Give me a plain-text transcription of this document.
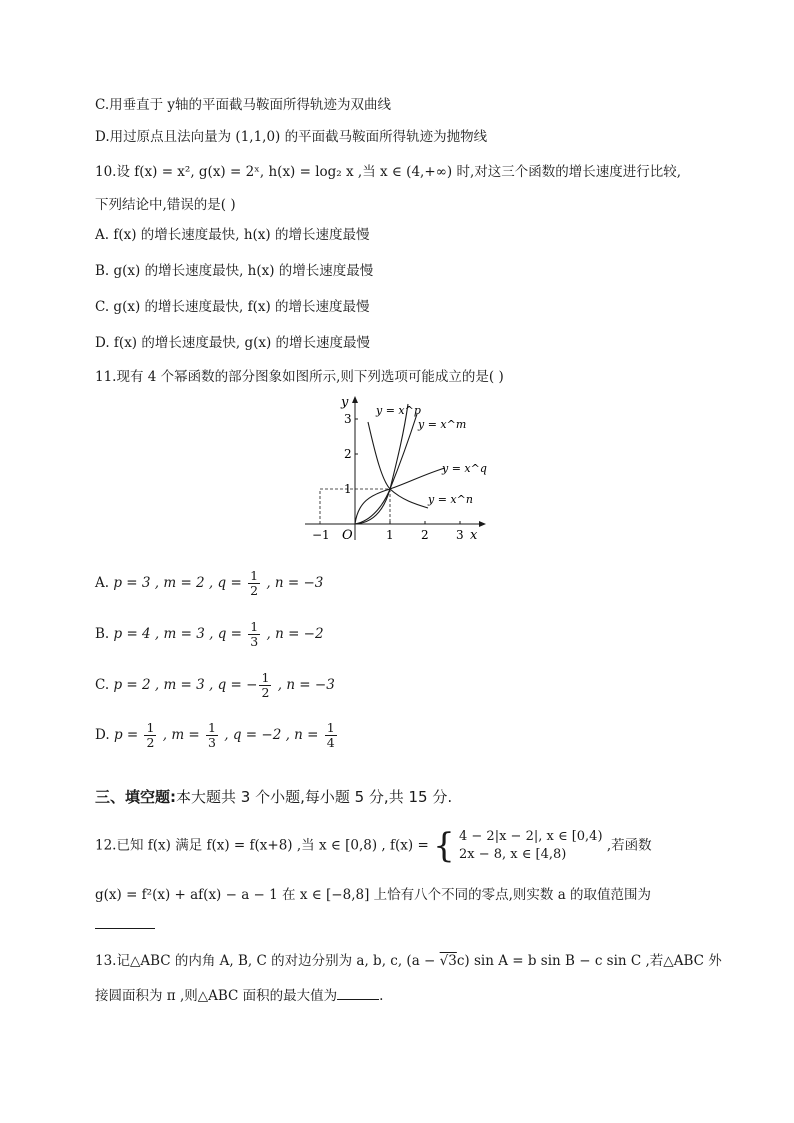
C.用垂直于 y轴的平面截马鞍面所得轨迹为双曲线
D.用过原点且法向量为 (1,1,0) 的平面截马鞍面所得轨迹为抛物线
10.设 f(x) = x², g(x) = 2ˣ, h(x) = log₂ x ,当 x ∈ (4,+∞) 时,对这三个函数的增长速度进行比较,
下列结论中,错误的是( )
A. f(x) 的增长速度最快, h(x) 的增长速度最慢
B. g(x) 的增长速度最快, h(x) 的增长速度最慢
C. g(x) 的增长速度最快, f(x) 的增长速度最慢
D. f(x) 的增长速度最快, g(x) 的增长速度最慢
11.现有 4 个幂函数的部分图象如图所示,则下列选项可能成立的是( )
x
y
O
−1	1 2 3
1
2
3
y = x^p
y = x^m
y = x^q
y = x^n
A. p = 3 , m = 2 , $q = \frac{1}{2}$ , n = −3
B. p = 4 , m = 3 , $q = \frac{1}{3}$ , n = −2
C. p = 2 , m = 3 , q = − $\frac{1}{2}$ , n = −3
D. $p = \frac{1}{2}$ , $m = \frac{1}{3}$ , q = −2 , $n = \frac{1}{4}$
三、填空题:本大题共 3 个小题,每小题 5 分,共 15 分.
12.已知 f(x) 满足 f(x) = f(x+8) ,当 x ∈ [0,8) , f(x) = { 4 − 2|x − 2|, x ∈ [0,4)
2x − 8, x ∈ [4,8)
,若函数
g(x) = f²(x) + af(x) − a − 1 在 x ∈ [−8,8] 上恰有八个不同的零点,则实数 a 的取值范围为
13.记△ABC 的内角 A, B, C 的对边分别为 a, b, c, (a − √3c) sin A = b sin B − c sin C ,若△ABC 外
接圆面积为 π ,则△ABC 面积的最大值为	.
